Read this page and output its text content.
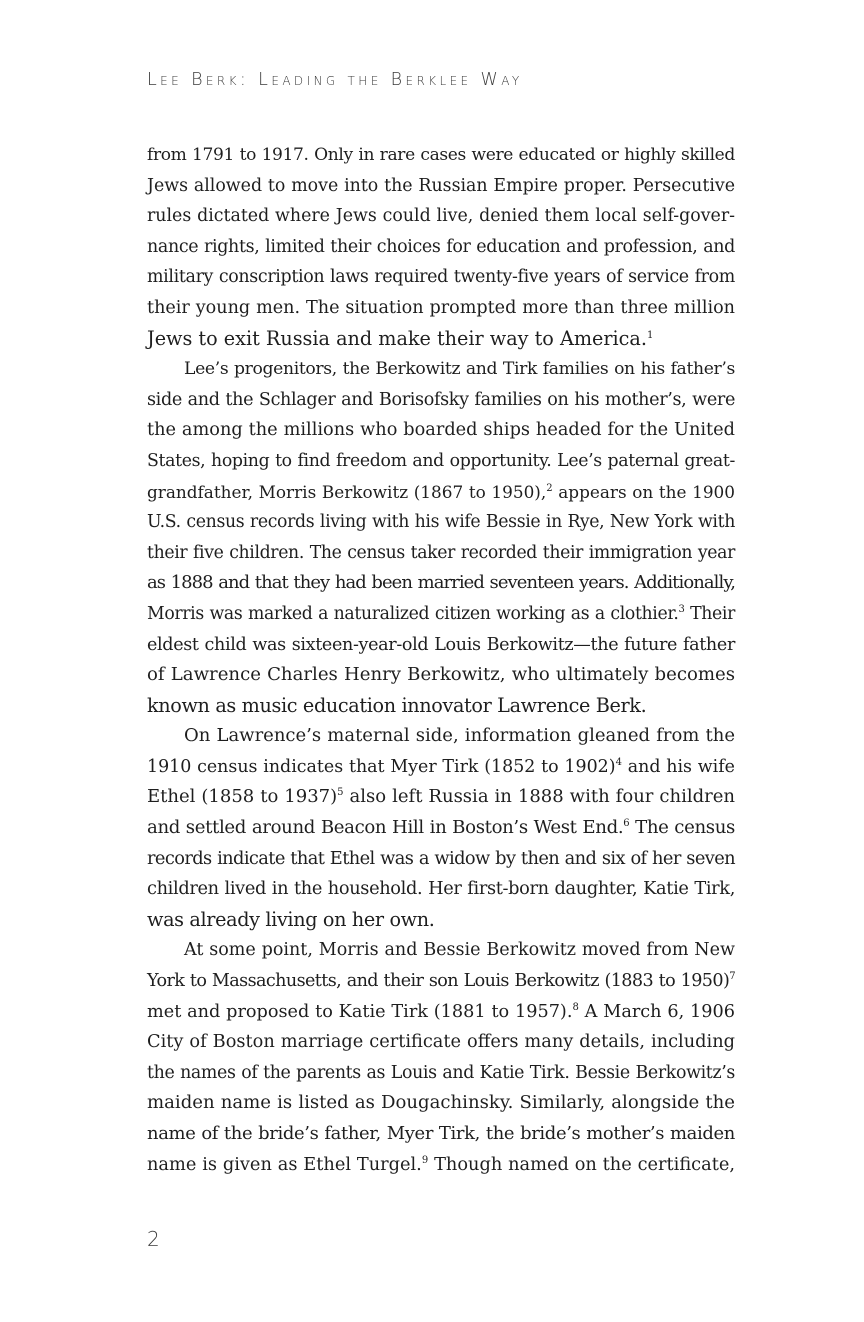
Lee Berk: Leading the Berklee Way
from 1791 to 1917. Only in rare cases were educated or highly skilled
Jews allowed to move into the Russian Empire proper. Persecutive
rules dictated where Jews could live, denied them local self-gover-
nance rights, limited their choices for education and profession, and
military conscription laws required twenty-five years of service from
their young men. The situation prompted more than three million
Jews to exit Russia and make their way to America.$^1$
Lee’s progenitors, the Berkowitz and Tirk families on his father’s
side and the Schlager and Borisofsky families on his mother’s, were
the among the millions who boarded ships headed for the United
States, hoping to find freedom and opportunity. Lee’s paternal great-
grandfather, Morris Berkowitz (1867 to 1950),$^2$ appears on the 1900
U.S. census records living with his wife Bessie in Rye, New York with
their five children. The census taker recorded their immigration year
as 1888 and that they had been married seventeen years. Additionally,
Morris was marked a naturalized citizen working as a clothier.$^3$ Their
eldest child was sixteen-year-old Louis Berkowitz—the future father
of Lawrence Charles Henry Berkowitz, who ultimately becomes
known as music education innovator Lawrence Berk.
On Lawrence’s maternal side, information gleaned from the
1910 census indicates that Myer Tirk (1852 to 1902)$^4$ and his wife
Ethel (1858 to 1937)$^5$ also left Russia in 1888 with four children
and settled around Beacon Hill in Boston’s West End.$^6$ The census
records indicate that Ethel was a widow by then and six of her seven
children lived in the household. Her first-born daughter, Katie Tirk,
was already living on her own.
At some point, Morris and Bessie Berkowitz moved from New
York to Massachusetts, and their son Louis Berkowitz (1883 to 1950)$^7$
met and proposed to Katie Tirk (1881 to 1957).$^8$ A March 6, 1906
City of Boston marriage certificate offers many details, including
the names of the parents as Louis and Katie Tirk. Bessie Berkowitz’s
maiden name is listed as Dougachinsky. Similarly, alongside the
name of the bride’s father, Myer Tirk, the bride’s mother’s maiden
name is given as Ethel Turgel.$^9$ Though named on the certificate,
2
